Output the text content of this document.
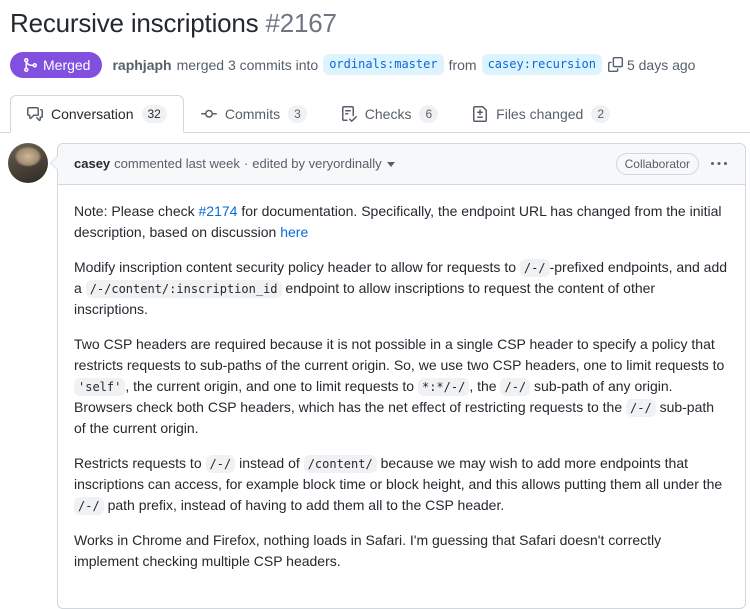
Recursive inscriptions #2167
Merged raphjaph merged 3 commits into ordinals:master from casey:recursion	5 days ago
Conversation	32	Commits	3	Checks	6	Files changed	2
casey commented last week · edited by veryordinally	Collaborator

Note: Please check #2174 for documentation. Specifically, the endpoint URL has changed from the initial description, based on discussion here

Modify inscription content security policy header to allow for requests to /-/ -prefixed endpoints, and add a /-/content/:inscription_id endpoint to allow inscriptions to request the content of other inscriptions.

Two CSP headers are required because it is not possible in a single CSP header to specify a policy that restricts requests to sub-paths of the current origin. So, we use two CSP headers, one to limit requests to 'self' , the current origin, and one to limit requests to *:*/-/ , the /-/ sub-path of any origin. Browsers check both CSP headers, which has the net effect of restricting requests to the /-/ sub-path of the current origin.

Restricts requests to /-/ instead of /content/ because we may wish to add more endpoints that inscriptions can access, for example block time or block height, and this allows putting them all under the /-/ path prefix, instead of having to add them all to the CSP header.

Works in Chrome and Firefox, nothing loads in Safari. I'm guessing that Safari doesn't correctly implement checking multiple CSP headers.
